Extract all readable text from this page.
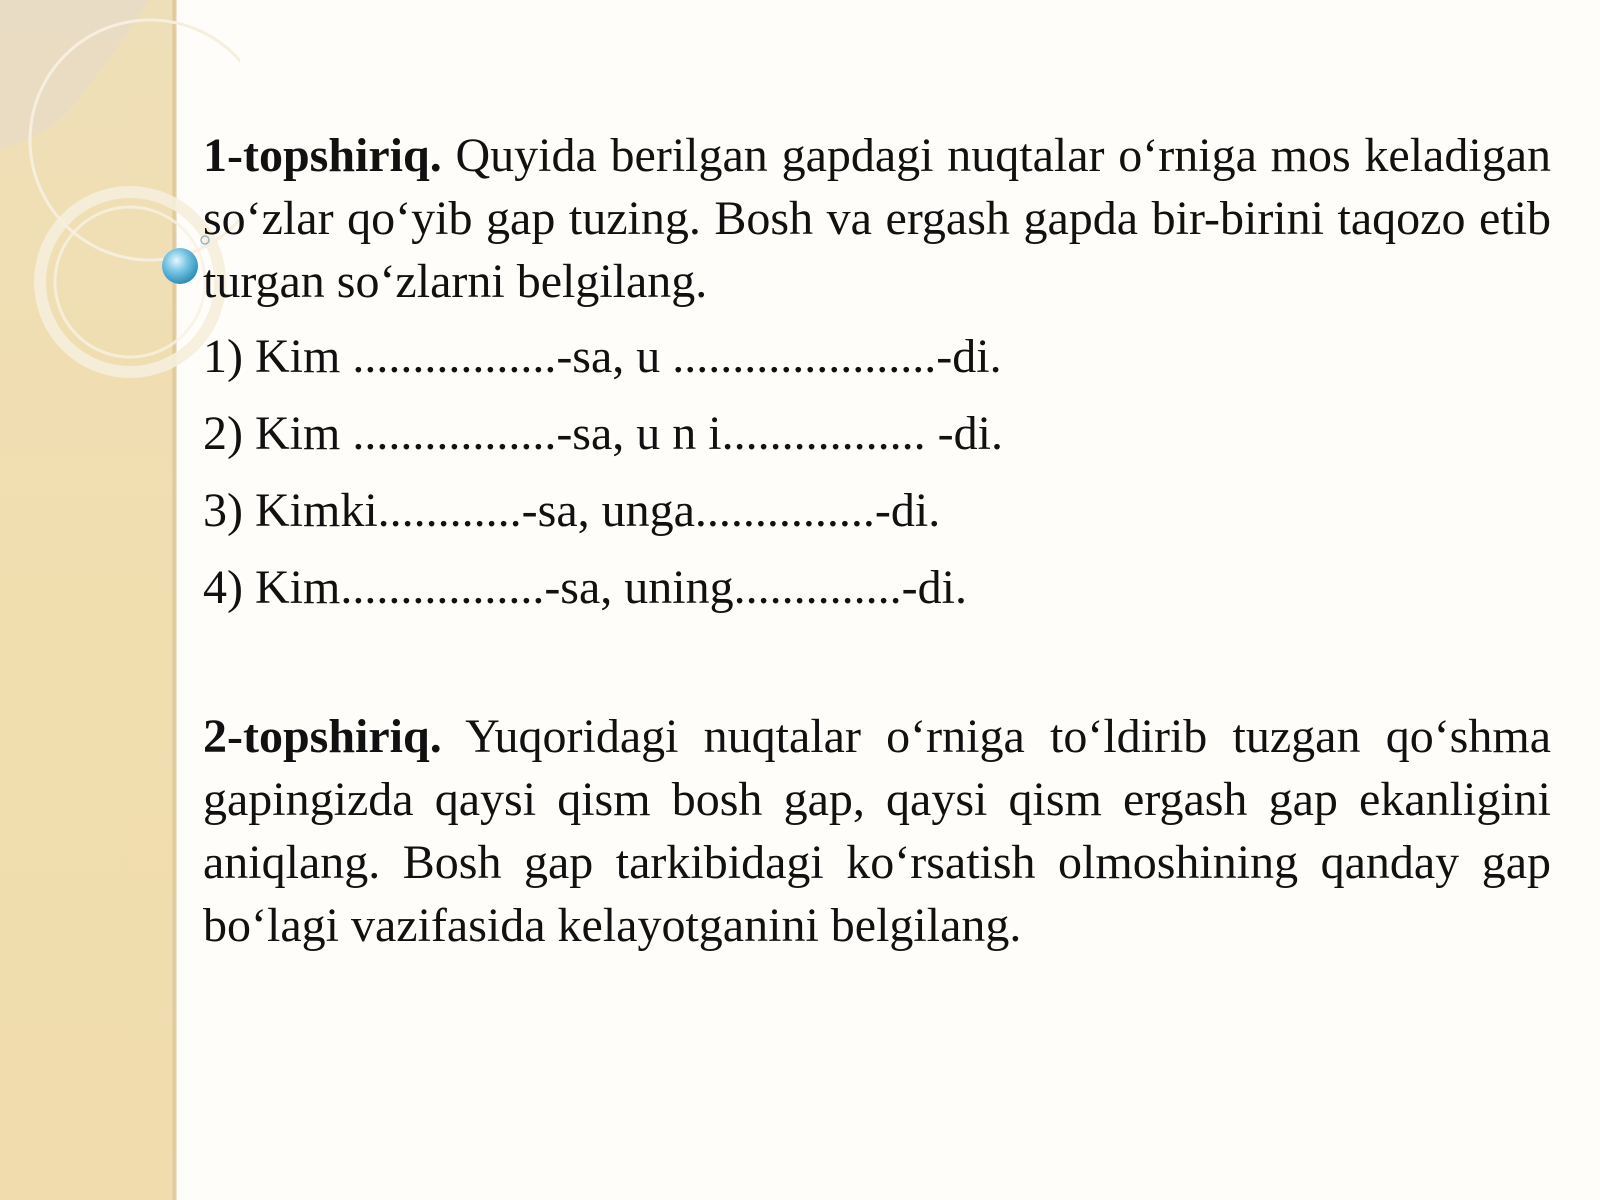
1-topshiriq. Quyida berilgan gapdagi nuqtalar o‘rniga mos keladigan so‘zlar qo‘yib gap tuzing. Bosh va ergash gapda bir-birini taqozo etib turgan so‘zlarni belgilang.

1) Kim .................-sa, u ......................-di.
2) Kim .................-sa, u n i................. -di.
3) Kimki............-sa, unga...............-di.
4) Kim.................-sa, uning..............-di.

2-topshiriq. Yuqoridagi nuqtalar o‘rniga to‘ldirib tuzgan qo‘shma gapingizda qaysi qism bosh gap, qaysi qism ergash gap ekanligini aniqlang. Bosh gap tarkibidagi ko‘rsatish olmoshining qanday gap bo‘lagi vazifasida kelayotganini belgilang.
